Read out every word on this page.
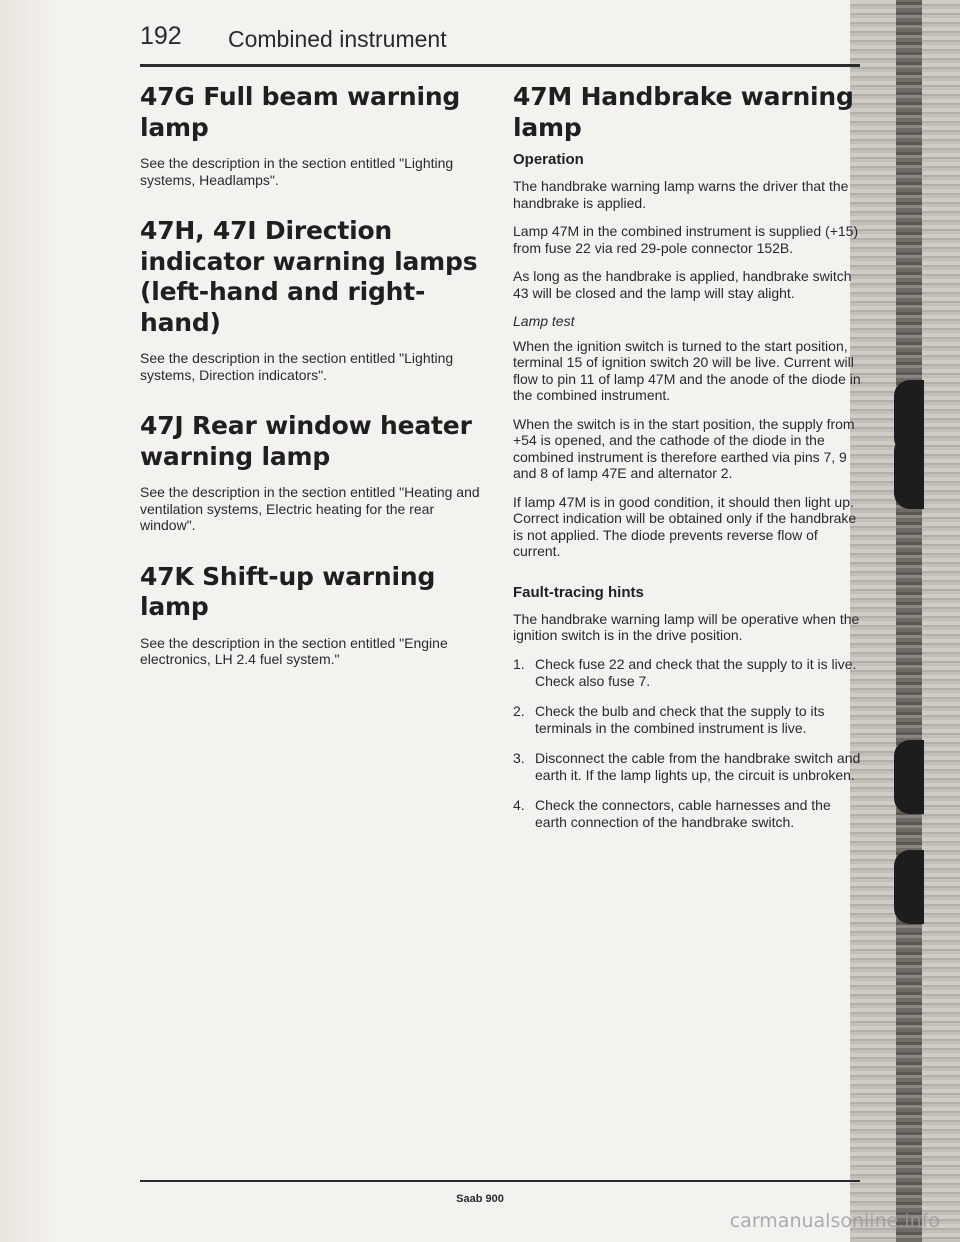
192 Combined instrument
47G Full beam warning lamp

See the description in the section entitled "Lighting systems, Headlamps".

47H, 47I Direction indicator warning lamps (left-hand and right-hand)

See the description in the section entitled "Lighting systems, Direction indicators".

47J Rear window heater warning lamp

See the description in the section entitled "Heating and ventilation systems, Electric heating for the rear window".

47K Shift-up warning lamp

See the description in the section entitled "Engine electronics, LH 2.4 fuel system."

47M Handbrake warning lamp
Operation

The handbrake warning lamp warns the driver that the handbrake is applied.

Lamp 47M in the combined instrument is supplied (+15) from fuse 22 via red 29-pole connector 152B.

As long as the handbrake is applied, handbrake switch 43 will be closed and the lamp will stay alight.

Lamp test

When the ignition switch is turned to the start position, terminal 15 of ignition switch 20 will be live. Current will flow to pin 11 of lamp 47M and the anode of the diode in the combined instrument.

When the switch is in the start position, the supply from +54 is opened, and the cathode of the diode in the combined instrument is therefore earthed via pins 7, 9 and 8 of lamp 47E and alternator 2.

If lamp 47M is in good condition, it should then light up. Correct indication will be obtained only if the handbrake is not applied. The diode prevents reverse flow of current.

Fault-tracing hints

The handbrake warning lamp will be operative when the ignition switch is in the drive position.

1. Check fuse 22 and check that the supply to it is live. Check also fuse 7.
2. Check the bulb and check that the supply to its terminals in the combined instrument is live.
3. Disconnect the cable from the handbrake switch and earth it. If the lamp lights up, the circuit is unbroken.
4. Check the connectors, cable harnesses and the earth connection of the handbrake switch.
Saab 900
carmanualsonline.info
